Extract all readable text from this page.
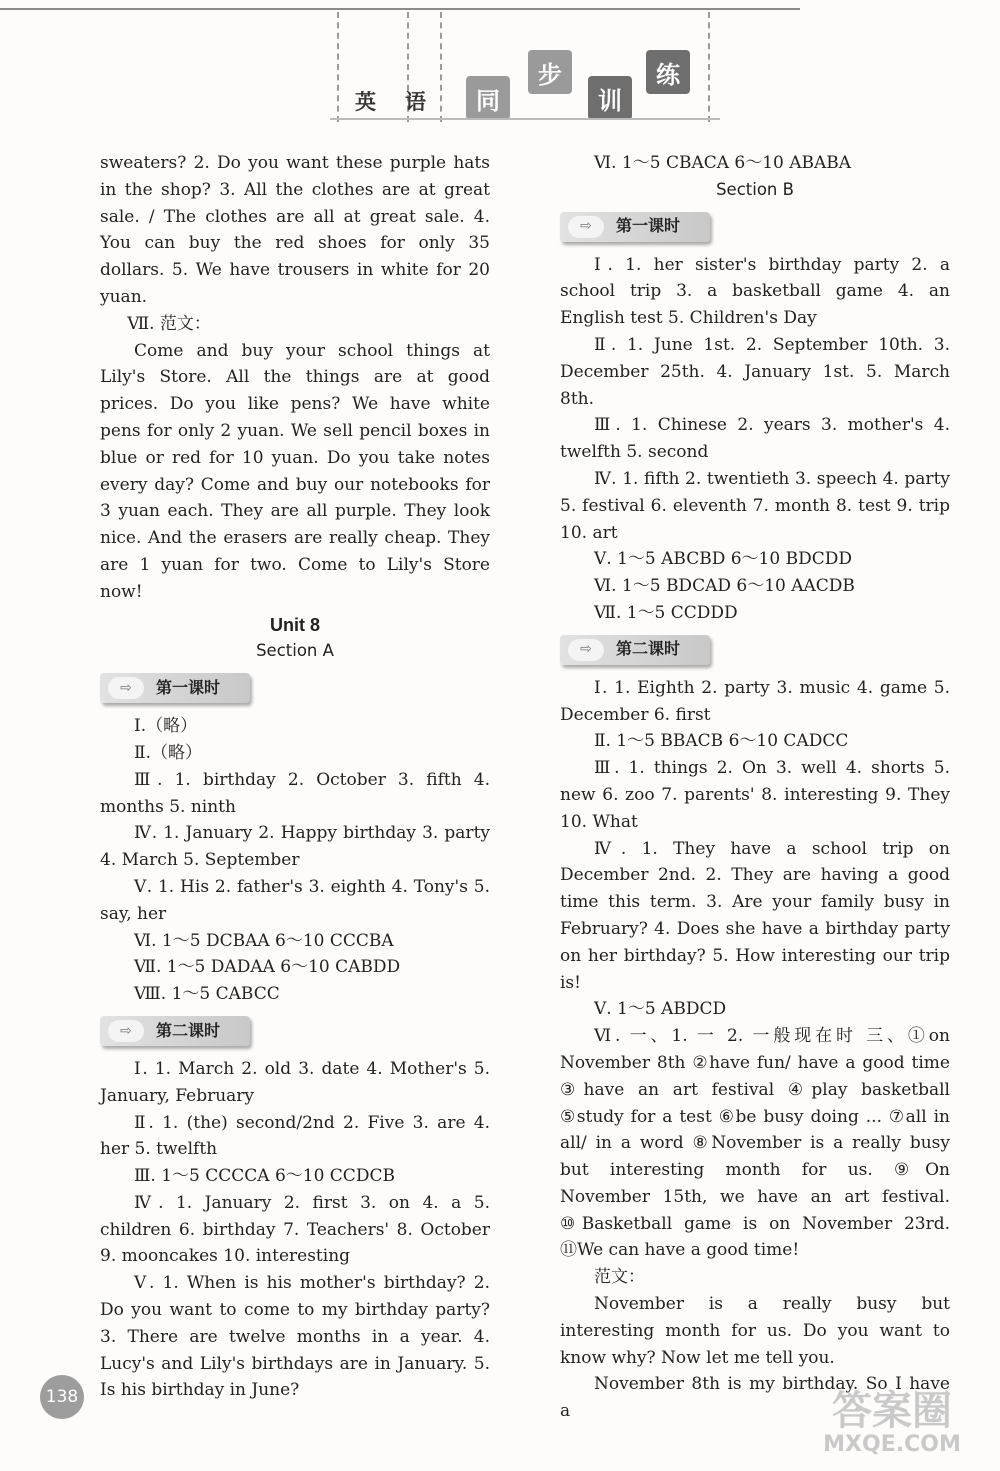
英 语	同
步
训
练

sweaters? 2. Do you want these purple hats in the shop? 3. All the clothes are at great sale. / The clothes are all at great sale. 4. You can buy the red shoes for only 35 dollars. 5. We have trousers in white for 20 yuan.

Ⅶ. 范文：

Come and buy your school things at Lily's Store. All the things are at good prices. Do you like pens? We have white pens for only 2 yuan. We sell pencil boxes in blue or red for 10 yuan. Do you take notes every day? Come and buy our notebooks for 3 yuan each. They are all purple. They look nice. And the erasers are really cheap. They are 1 yuan for two. Come to Lily's Store now!

Unit 8

Section A

⇨	第一课时

Ⅰ.（略）

Ⅱ.（略）

Ⅲ. 1. birthday 2. October 3. fifth 4. months 5. ninth

Ⅳ. 1. January 2. Happy birthday 3. party 4. March 5. September

Ⅴ. 1. His 2. father's 3. eighth 4. Tony's 5. say, her

Ⅵ. 1～5 DCBAA 6～10 CCCBA

Ⅶ. 1～5 DADAA 6～10 CABDD

Ⅷ. 1～5 CABCC

⇨	第二课时

Ⅰ. 1. March 2. old 3. date 4. Mother's 5. January, February

Ⅱ. 1. (the) second/2nd 2. Five 3. are 4. her 5. twelfth

Ⅲ. 1～5 CCCCA 6～10 CCDCB

Ⅳ. 1. January 2. first 3. on 4. a 5. children 6. birthday 7. Teachers' 8. October 9. mooncakes 10. interesting

Ⅴ. 1. When is his mother's birthday? 2. Do you want to come to my birthday party? 3. There are twelve months in a year. 4. Lucy's and Lily's birthdays are in January. 5. Is his birthday in June?

Ⅵ. 1～5 CBACA 6～10 ABABA

Section B

⇨	第一课时

Ⅰ. 1. her sister's birthday party 2. a school trip 3. a basketball game 4. an English test 5. Children's Day

Ⅱ. 1. June 1st. 2. September 10th. 3. December 25th. 4. January 1st. 5. March 8th.

Ⅲ. 1. Chinese 2. years 3. mother's 4. twelfth 5. second

Ⅳ. 1. fifth 2. twentieth 3. speech 4. party 5. festival 6. eleventh 7. month 8. test 9. trip 10. art

Ⅴ. 1～5 ABCBD 6～10 BDCDD

Ⅵ. 1～5 BDCAD 6～10 AACDB

Ⅶ. 1～5 CCDDD

⇨	第二课时

Ⅰ. 1. Eighth 2. party 3. music 4. game 5. December 6. first

Ⅱ. 1～5 BBACB 6～10 CADCC

Ⅲ. 1. things 2. On 3. well 4. shorts 5. new 6. zoo 7. parents' 8. interesting 9. They 10. What

Ⅳ. 1. They have a school trip on December 2nd. 2. They are having a good time this term. 3. Are your family busy in February? 4. Does she have a birthday party on her birthday? 5. How interesting our trip is!

Ⅴ. 1～5 ABDCD

Ⅵ. 一、1. 一 2. 一般现在时 三、①on November 8th ②have fun/ have a good time ③have an art festival ④play basketball ⑤study for a test ⑥be busy doing ... ⑦all in all/ in a word ⑧November is a really busy but interesting month for us. ⑨On November 15th, we have an art festival. ⑩Basketball game is on November 23rd. ⑪We can have a good time!

范文：

November is a really busy but interesting month for us. Do you want to know why? Now let me tell you.

November 8th is my birthday. So I have a

138	答案圈
MXQE.COM
